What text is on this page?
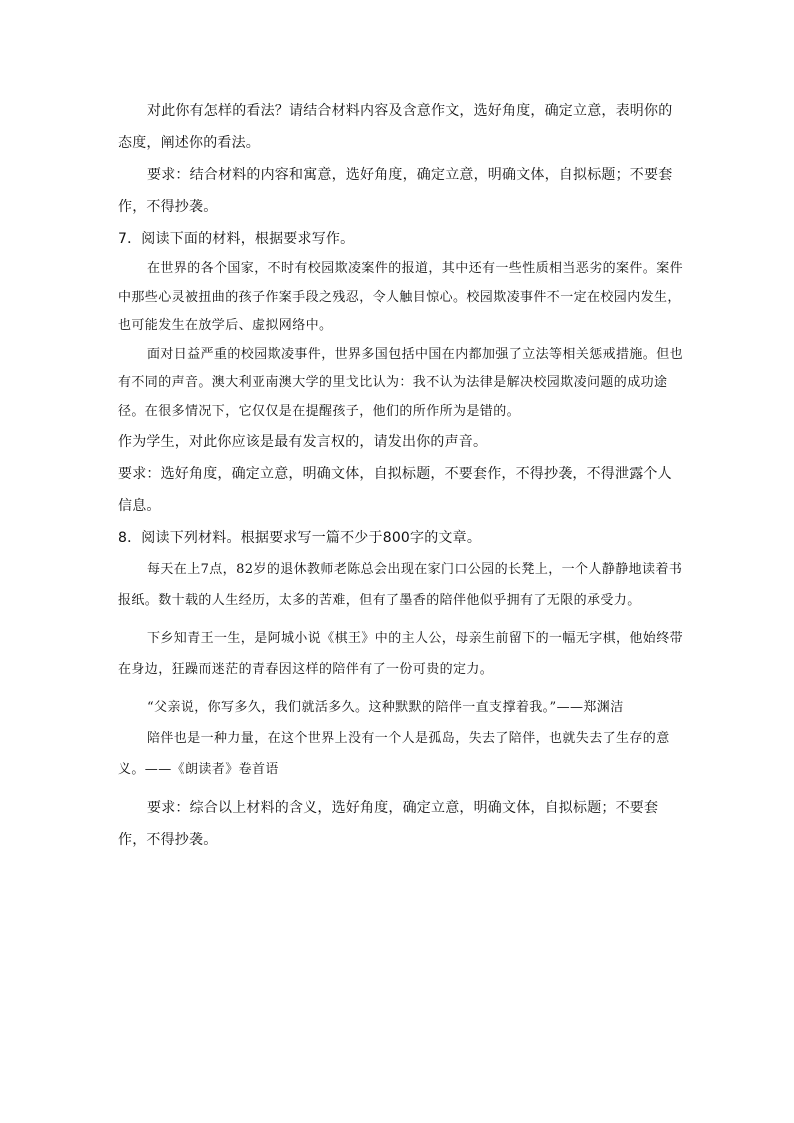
对此你有怎样的看法？请结合材料内容及含意作文，选好角度，确定立意，表明你的态度，阐述你的看法。

要求：结合材料的内容和寓意，选好角度，确定立意，明确文体，自拟标题；不要套作，不得抄袭。

7．阅读下面的材料，根据要求写作。

在世界的各个国家，不时有校园欺凌案件的报道，其中还有一些性质相当恶劣的案件。案件中那些心灵被扭曲的孩子作案手段之残忍，令人触目惊心。校园欺凌事件不一定在校园内发生，也可能发生在放学后、虚拟网络中。

面对日益严重的校园欺凌事件，世界多国包括中国在内都加强了立法等相关惩戒措施。但也有不同的声音。澳大利亚南澳大学的里戈比认为：我不认为法律是解决校园欺凌问题的成功途径。在很多情况下，它仅仅是在提醒孩子，他们的所作所为是错的。

作为学生，对此你应该是最有发言权的，请发出你的声音。

要求：选好角度，确定立意，明确文体，自拟标题，不要套作，不得抄袭，不得泄露个人信息。

8．阅读下列材料。根据要求写一篇不少于800字的文章。

每天在上7点，82岁的退休教师老陈总会出现在家门口公园的长凳上，一个人静静地读着书报纸。数十载的人生经历，太多的苦难，但有了墨香的陪伴他似乎拥有了无限的承受力。

下乡知青王一生，是阿城小说《棋王》中的主人公，母亲生前留下的一幅无字棋，他始终带在身边，狂躁而迷茫的青春因这样的陪伴有了一份可贵的定力。

“父亲说，你写多久，我们就活多久。这种默默的陪伴一直支撑着我。”——郑渊洁

陪伴也是一种力量，在这个世界上没有一个人是孤岛，失去了陪伴，也就失去了生存的意义。——《朗读者》卷首语

要求：综合以上材料的含义，选好角度，确定立意，明确文体，自拟标题；不要套作，不得抄袭。
